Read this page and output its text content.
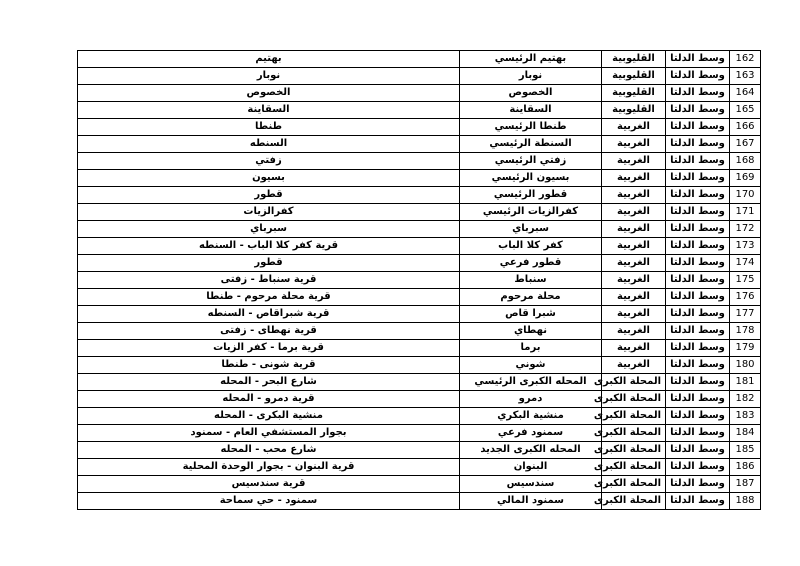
162	وسط الدلتا	القليوبية	بهتيم الرئيسي	بهتيم
163	وسط الدلتا	القليوبية	نوبار	نوبار
164	وسط الدلتا	القليوبية	الخصوص	الخصوص
165	وسط الدلتا	القليوبية	السقاينة	السقاينة
166	وسط الدلتا	الغربية	طنطا الرئيسي	طنطا
167	وسط الدلتا	الغربية	السنطة الرئيسي	السنطه
168	وسط الدلتا	الغربية	زفتي الرئيسي	زفتي
169	وسط الدلتا	الغربية	بسيون الرئيسي	بسيون
170	وسط الدلتا	الغربية	قطور الرئيسي	قطور
171	وسط الدلتا	الغربية	كفرالزيات الرئيسي	كفرالزيات
172	وسط الدلتا	الغربية	سبرباي	سبرباي
173	وسط الدلتا	الغربية	كفر كلا الباب	قرية كفر كلا الباب - السنطه
174	وسط الدلتا	الغربية	قطور فرعي	قطور
175	وسط الدلتا	الغربية	سنباط	قرية سنباط - زفتى
176	وسط الدلتا	الغربية	محلة مرحوم	قرية محلة مرحوم - طنطا
177	وسط الدلتا	الغربية	شبرا قاص	قرية شبراقاص - السنطه
178	وسط الدلتا	الغربية	نهطاي	قرية نهطاى - زفتى
179	وسط الدلتا	الغربية	برما	قرية برما - كفر الزيات
180	وسط الدلتا	الغربية	شوني	قرية شونى - طنطا
181	وسط الدلتا	المحلة الكبرى	المحله الكبرى الرئيسي	شارع البحر - المحله
182	وسط الدلتا	المحلة الكبرى	دمرو	قرية دمرو - المحله
183	وسط الدلتا	المحلة الكبرى	منشية البكري	منشية البكرى - المحله
184	وسط الدلتا	المحلة الكبرى	سمنود فرعي	بجوار المستشفي العام - سمنود
185	وسط الدلتا	المحلة الكبرى	المحله الكبرى الجديد	شارع محب - المحله
186	وسط الدلتا	المحلة الكبرى	البنوان	قرية البنوان - بجوار الوحدة المحلية
187	وسط الدلتا	المحلة الكبرى	سندسيس	قرية سندسيس
188	وسط الدلتا	المحلة الكبرى	سمنود المالي	سمنود - حي سماحة
